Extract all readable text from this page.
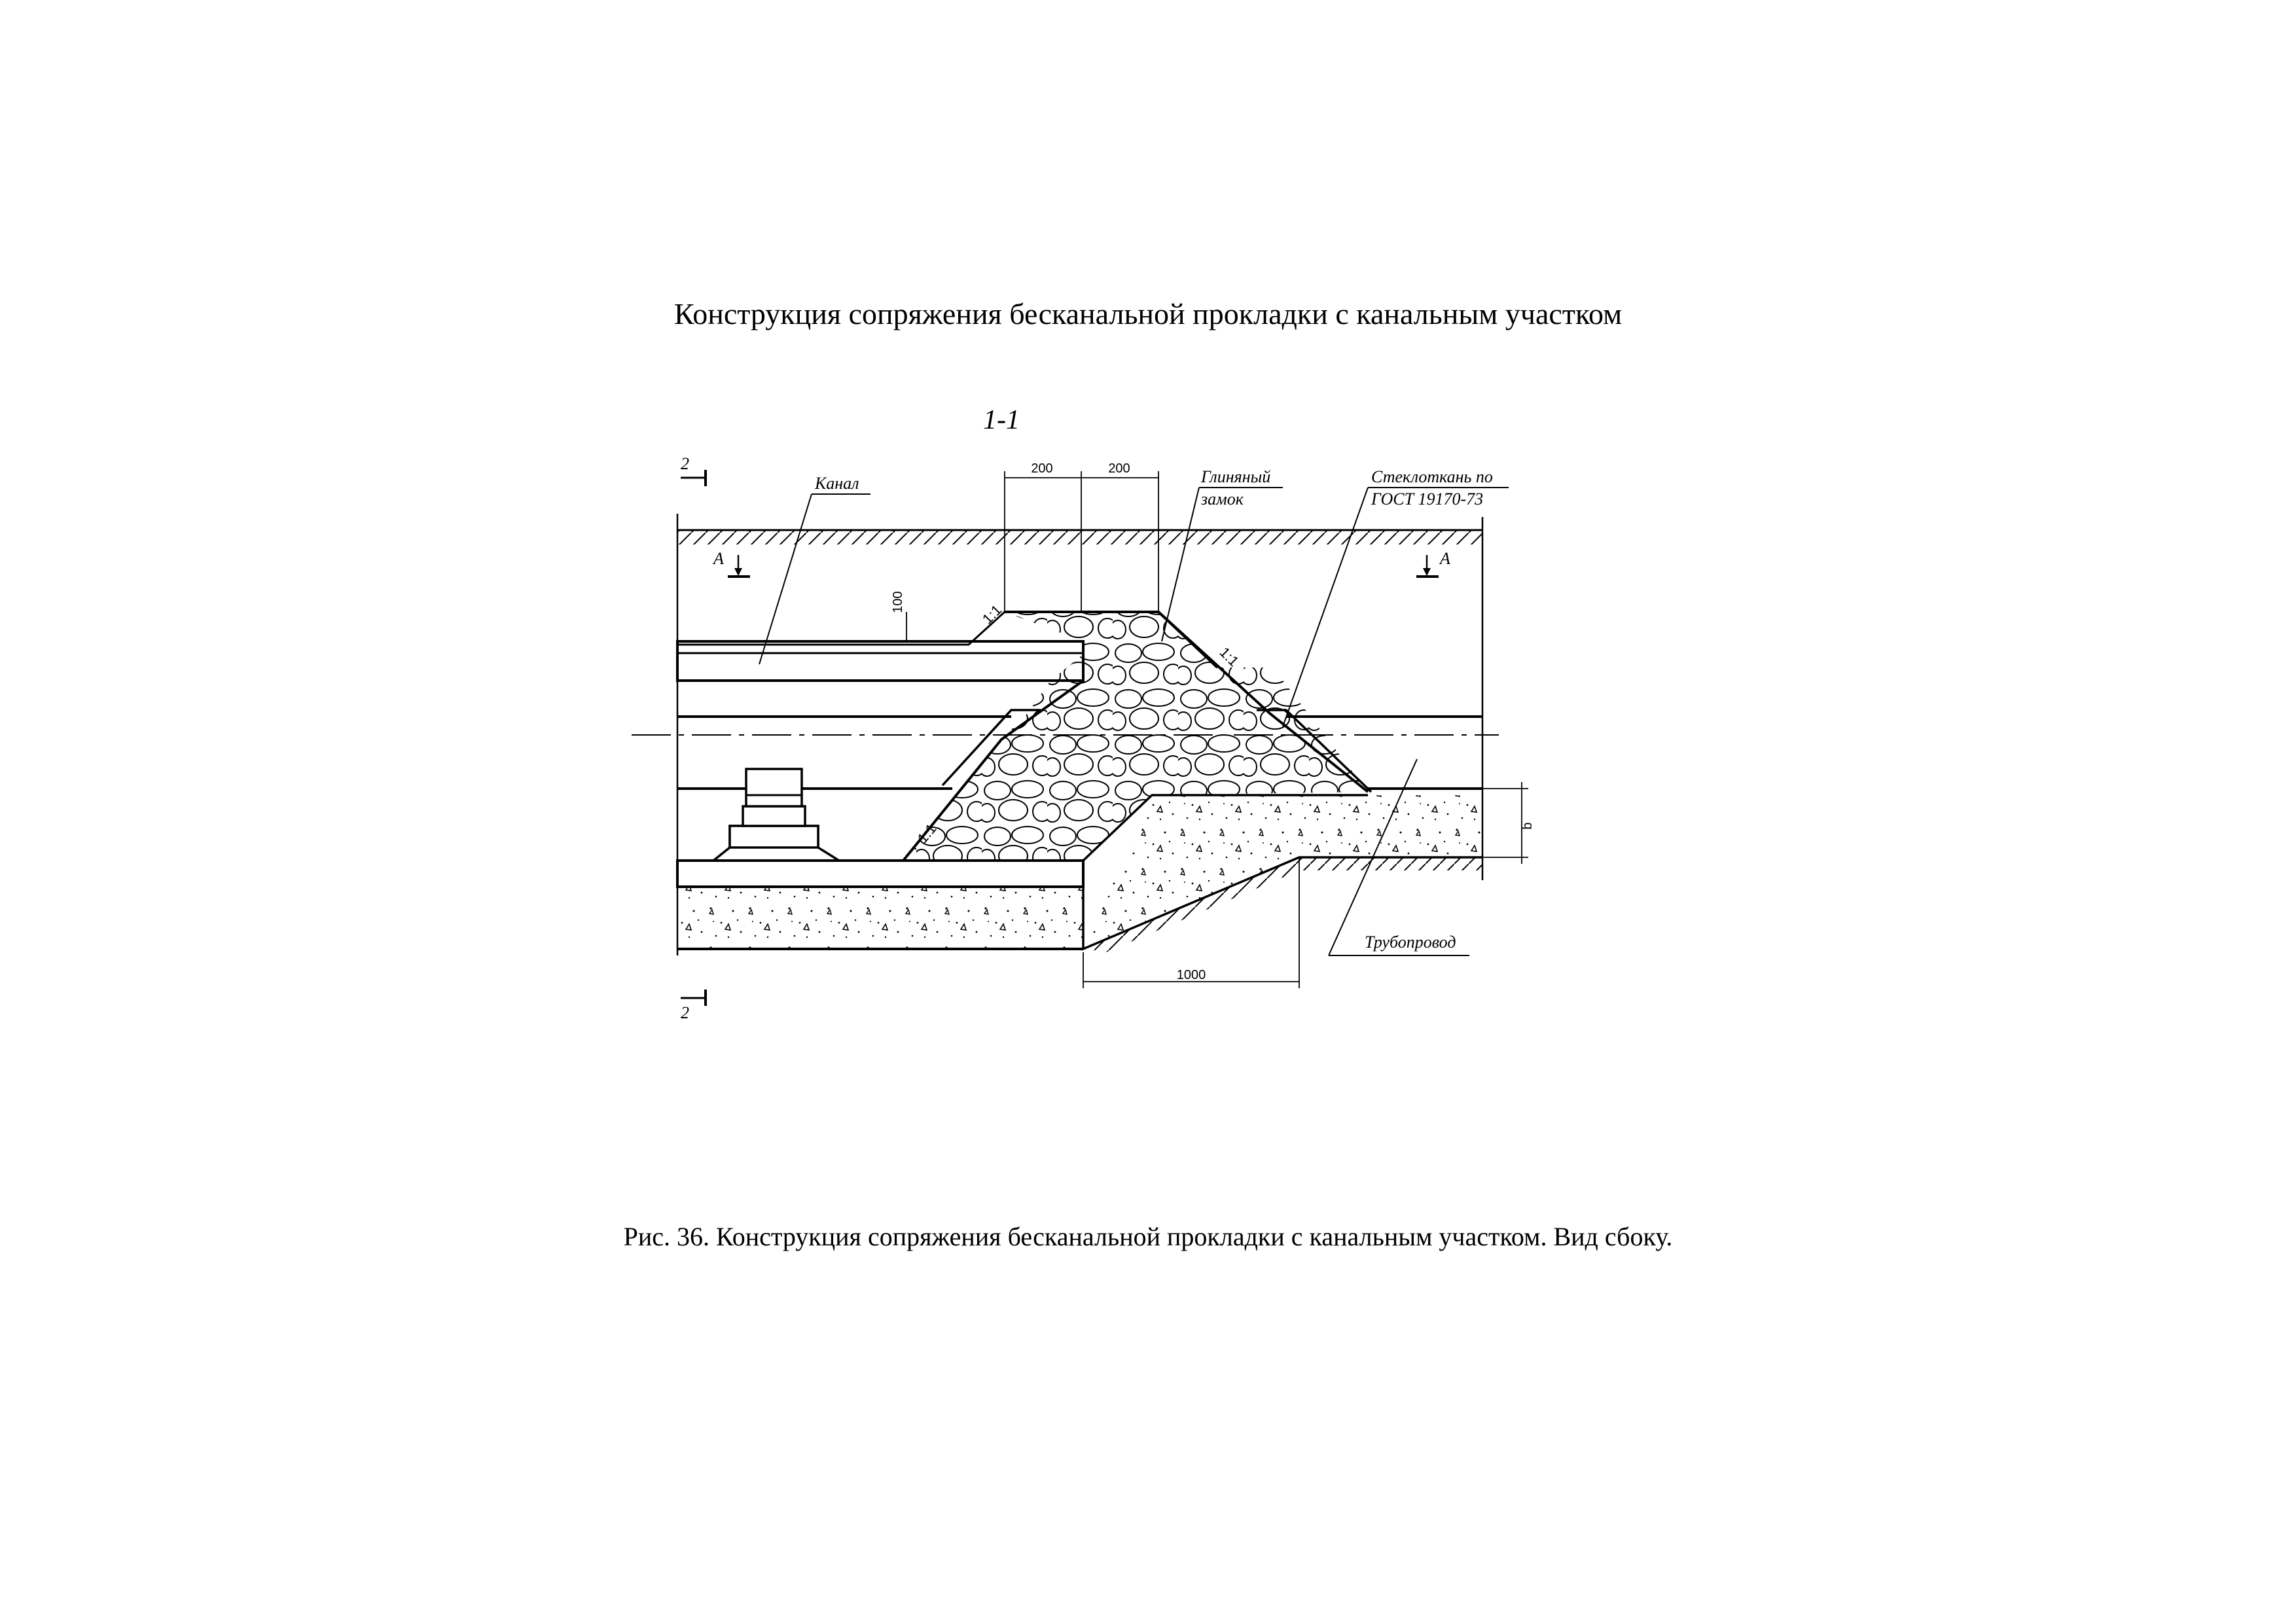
Конструкция сопряжения бесканальной прокладки с канальным участком
200	200
100
1000
b
1:1
1:1
1:1
1-1
2
2
А	А
Канал	Глиняный
замок
Стеклоткань по
ГОСТ 19170-73
Трубопровод
Рис. 36. Конструкция сопряжения бесканальной прокладки с канальным участком. Вид сбоку.
